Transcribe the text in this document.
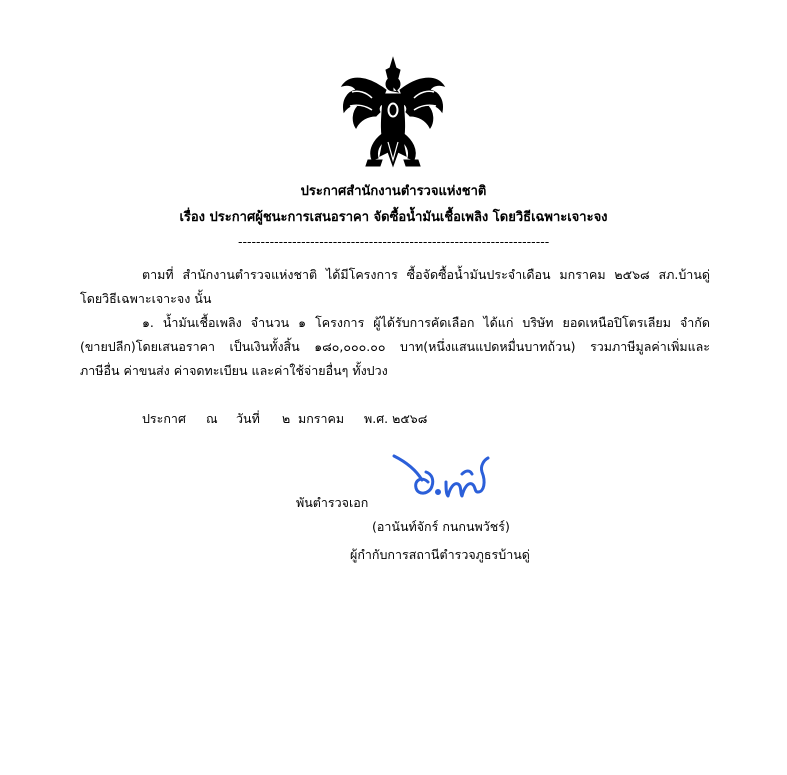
ประกาศสำนักงานตำรวจแห่งชาติ
เรื่อง ประกาศผู้ชนะการเสนอราคา จัดซื้อน้ำมันเชื้อเพลิง โดยวิธีเฉพาะเจาะจง
---------------------------------------------------------------------
ตามที่ สำนักงานตำรวจแห่งชาติ ได้มีโครงการ ซื้อจัดซื้อน้ำมันประจำเดือน มกราคม ๒๕๖๘ สภ.บ้านดู่
โดยวิธีเฉพาะเจาะจง นั้น
๑. น้ำมันเชื้อเพลิง จำนวน ๑ โครงการ ผู้ได้รับการคัดเลือก ได้แก่ บริษัท ยอดเหนือปิโตรเลียม จำกัด
(ขายปลีก)โดยเสนอราคา เป็นเงินทั้งสิ้น ๑๘๐,๐๐๐.๐๐ บาท(หนึ่งแสนแปดหมื่นบาทถ้วน) รวมภาษีมูลค่าเพิ่มและ
ภาษีอื่น ค่าขนส่ง ค่าจดทะเบียน และค่าใช้จ่ายอื่นๆ ทั้งปวง
ประกาศ ณ วันที่ ๒ มกราคม พ.ศ. ๒๕๖๘
พันตำรวจเอก
(อานันท์จักร์ กนกนพวัชร์)
ผู้กำกับการสถานีตำรวจภูธรบ้านดู่
